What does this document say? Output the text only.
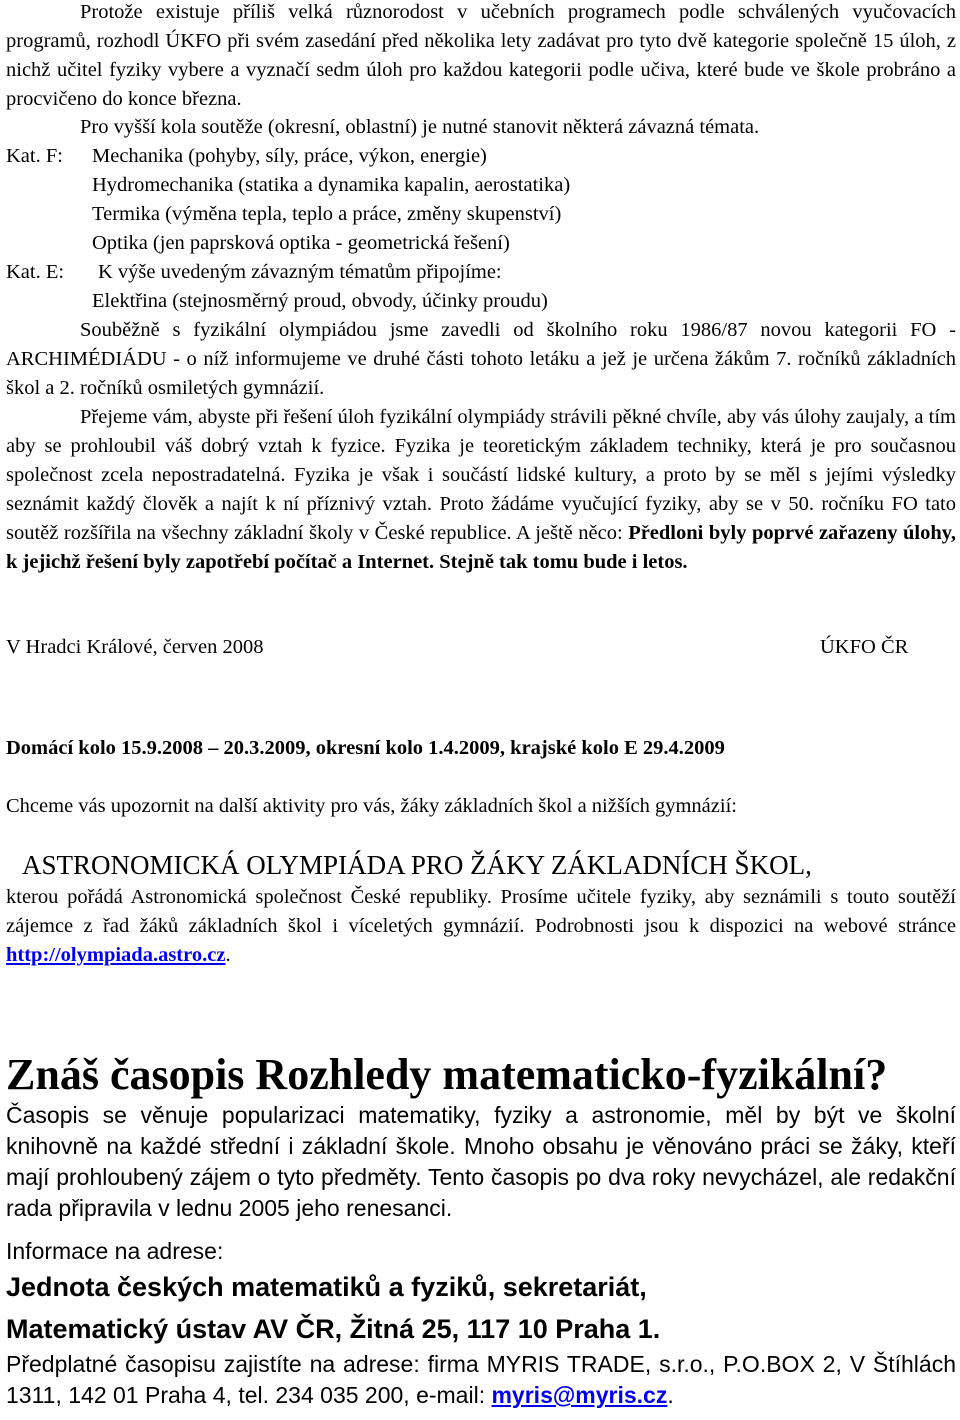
Protože existuje příliš velká různorodost v učebních programech podle schválených vyučovacích programů, rozhodl ÚKFO při svém zasedání před několika lety zadávat pro tyto dvě kategorie společně 15 úloh, z nichž učitel fyziky vybere a vyznačí sedm úloh pro každou kategorii podle učiva, které bude ve škole probráno a procvičeno do konce března.

Pro vyšší kola soutěže (okresní, oblastní) je nutné stanovit některá závazná témata.

Kat. F: Mechanika (pohyby, síly, práce, výkon, energie)
Hydromechanika (statika a dynamika kapalin, aerostatika)
Termika (výměna tepla, teplo a práce, změny skupenství)
Optika (jen paprsková optika - geometrická řešení)
Kat. E: K výše uvedeným závazným tématům připojíme:
Elektřina (stejnosměrný proud, obvody, účinky proudu)

Souběžně s fyzikální olympiádou jsme zavedli od školního roku 1986/87 novou kategorii FO - ARCHIMÉDIÁDU - o níž informujeme ve druhé části tohoto letáku a jež je určena žákům 7. ročníků základních škol a 2. ročníků osmiletých gymnázií.

Přejeme vám, abyste při řešení úloh fyzikální olympiády strávili pěkné chvíle, aby vás úlohy zaujaly, a tím aby se prohloubil váš dobrý vztah k fyzice. Fyzika je teoretickým základem techniky, která je pro současnou společnost zcela nepostradatelná. Fyzika je však i součástí lidské kultury, a proto by se měl s jejími výsledky seznámit každý člověk a najít k ní příznivý vztah. Proto žádáme vyučující fyziky, aby se v 50. ročníku FO tato soutěž rozšířila na všechny základní školy v České republice. A ještě něco: Předloni byly poprvé zařazeny úlohy, k jejichž řešení byly zapotřebí počítač a Internet. Stejně tak tomu bude i letos.

V Hradci Králové, červen 2008	ÚKFO ČR
Domácí kolo 15.9.2008 – 20.3.2009, okresní kolo 1.4.2009, krajské kolo E 29.4.2009
Chceme vás upozornit na další aktivity pro vás, žáky základních škol a nižších gymnázií:
ASTRONOMICKÁ OLYMPIÁDA PRO ŽÁKY ZÁKLADNÍCH ŠKOL,

kterou pořádá Astronomická společnost České republiky. Prosíme učitele fyziky, aby seznámili s touto soutěží zájemce z řad žáků základních škol i víceletých gymnázií. Podrobnosti jsou k dispozici na webové stránce http://olympiada.astro.cz.

Znáš časopis Rozhledy matematicko-fyzikální?

Časopis se věnuje popularizaci matematiky, fyziky a astronomie, měl by být ve školní knihovně na každé střední i základní škole. Mnoho obsahu je věnováno práci se žáky, kteří mají prohloubený zájem o tyto předměty. Tento časopis po dva roky nevycházel, ale redakční rada připravila v lednu 2005 jeho renesanci.

Informace na adrese:
Jednota českých matematiků a fyziků, sekretariát,
Matematický ústav AV ČR, Žitná 25, 117 10 Praha 1.

Předplatné časopisu zajistíte na adrese: firma MYRIS TRADE, s.r.o., P.O.BOX 2, V Štíhlách 1311, 142 01 Praha 4, tel. 234 035 200, e-mail: myris@myris.cz.
